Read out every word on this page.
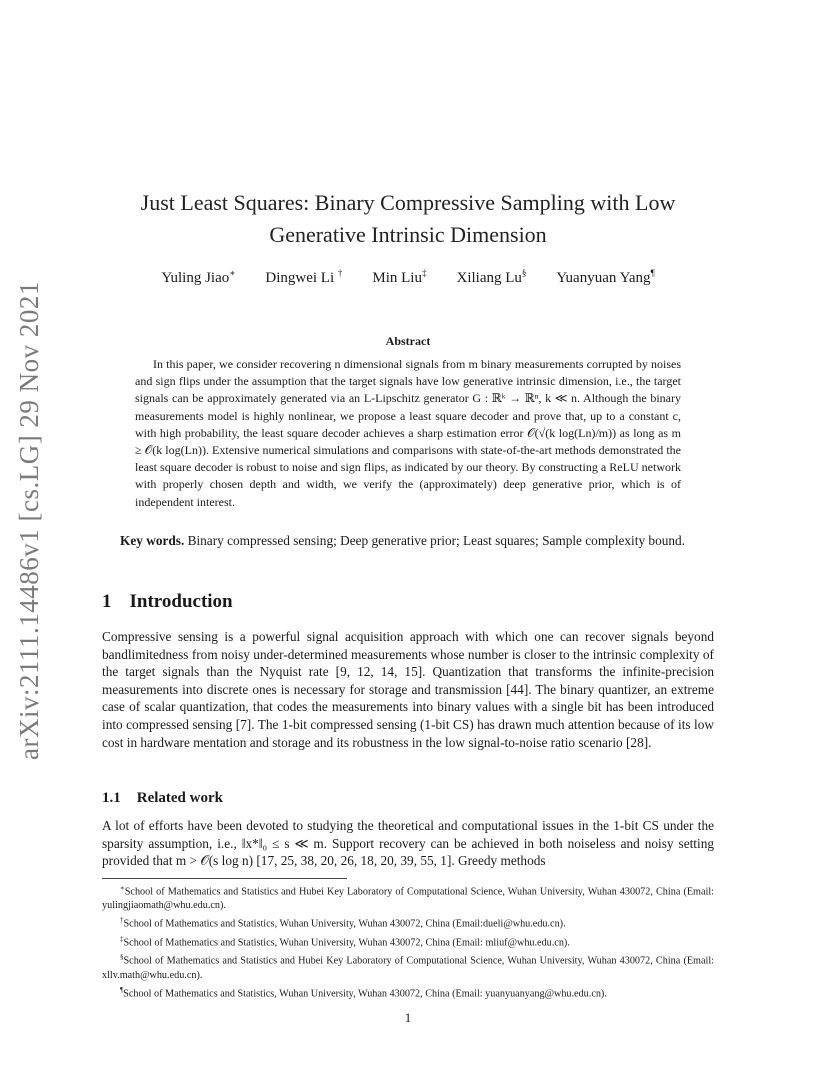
arXiv:2111.14486v1 [cs.LG] 29 Nov 2021
Just Least Squares: Binary Compressive Sampling with Low
Generative Intrinsic Dimension
Yuling Jiao∗ Dingwei Li † Min Liu‡ Xiliang Lu§ Yuanyuan Yang¶
Abstract
In this paper, we consider recovering n dimensional signals from m binary measurements corrupted by noises and sign flips under the assumption that the target signals have low generative intrinsic dimension, i.e., the target signals can be approximately generated via an L-Lipschitz generator G : ℝᵏ → ℝⁿ, k ≪ n. Although the binary measurements model is highly nonlinear, we propose a least square decoder and prove that, up to a constant c, with high probability, the least square decoder achieves a sharp estimation error 𝒪(√(k log(Ln)/m)) as long as m ≥ 𝒪(k log(Ln)). Extensive numerical simulations and comparisons with state-of-the-art methods demonstrated the least square decoder is robust to noise and sign flips, as indicated by our theory. By constructing a ReLU network with properly chosen depth and width, we verify the (approximately) deep generative prior, which is of independent interest.
Key words. Binary compressed sensing; Deep generative prior; Least squares; Sample complexity bound.
1 Introduction
Compressive sensing is a powerful signal acquisition approach with which one can recover signals beyond bandlimitedness from noisy under-determined measurements whose number is closer to the intrinsic complexity of the target signals than the Nyquist rate [9, 12, 14, 15]. Quantization that transforms the infinite-precision measurements into discrete ones is necessary for storage and transmission [44]. The binary quantizer, an extreme case of scalar quantization, that codes the measurements into binary values with a single bit has been introduced into compressed sensing [7]. The 1-bit compressed sensing (1-bit CS) has drawn much attention because of its low cost in hardware mentation and storage and its robustness in the low signal-to-noise ratio scenario [28].
1.1 Related work
A lot of efforts have been devoted to studying the theoretical and computational issues in the 1-bit CS under the sparsity assumption, i.e., ‖x*‖₀ ≤ s ≪ m. Support recovery can be achieved in both noiseless and noisy setting provided that m > 𝒪(s log n) [17, 25, 38, 20, 26, 18, 20, 39, 55, 1]. Greedy methods
∗School of Mathematics and Statistics and Hubei Key Laboratory of Computational Science, Wuhan University, Wuhan 430072, China (Email: yulingjiaomath@whu.edu.cn).
†School of Mathematics and Statistics, Wuhan University, Wuhan 430072, China (Email:dueli@whu.edu.cn).
‡School of Mathematics and Statistics, Wuhan University, Wuhan 430072, China (Email: mliuf@whu.edu.cn).
§School of Mathematics and Statistics and Hubei Key Laboratory of Computational Science, Wuhan University, Wuhan 430072, China (Email: xllv.math@whu.edu.cn).
¶School of Mathematics and Statistics, Wuhan University, Wuhan 430072, China (Email: yuanyuanyang@whu.edu.cn).
1
